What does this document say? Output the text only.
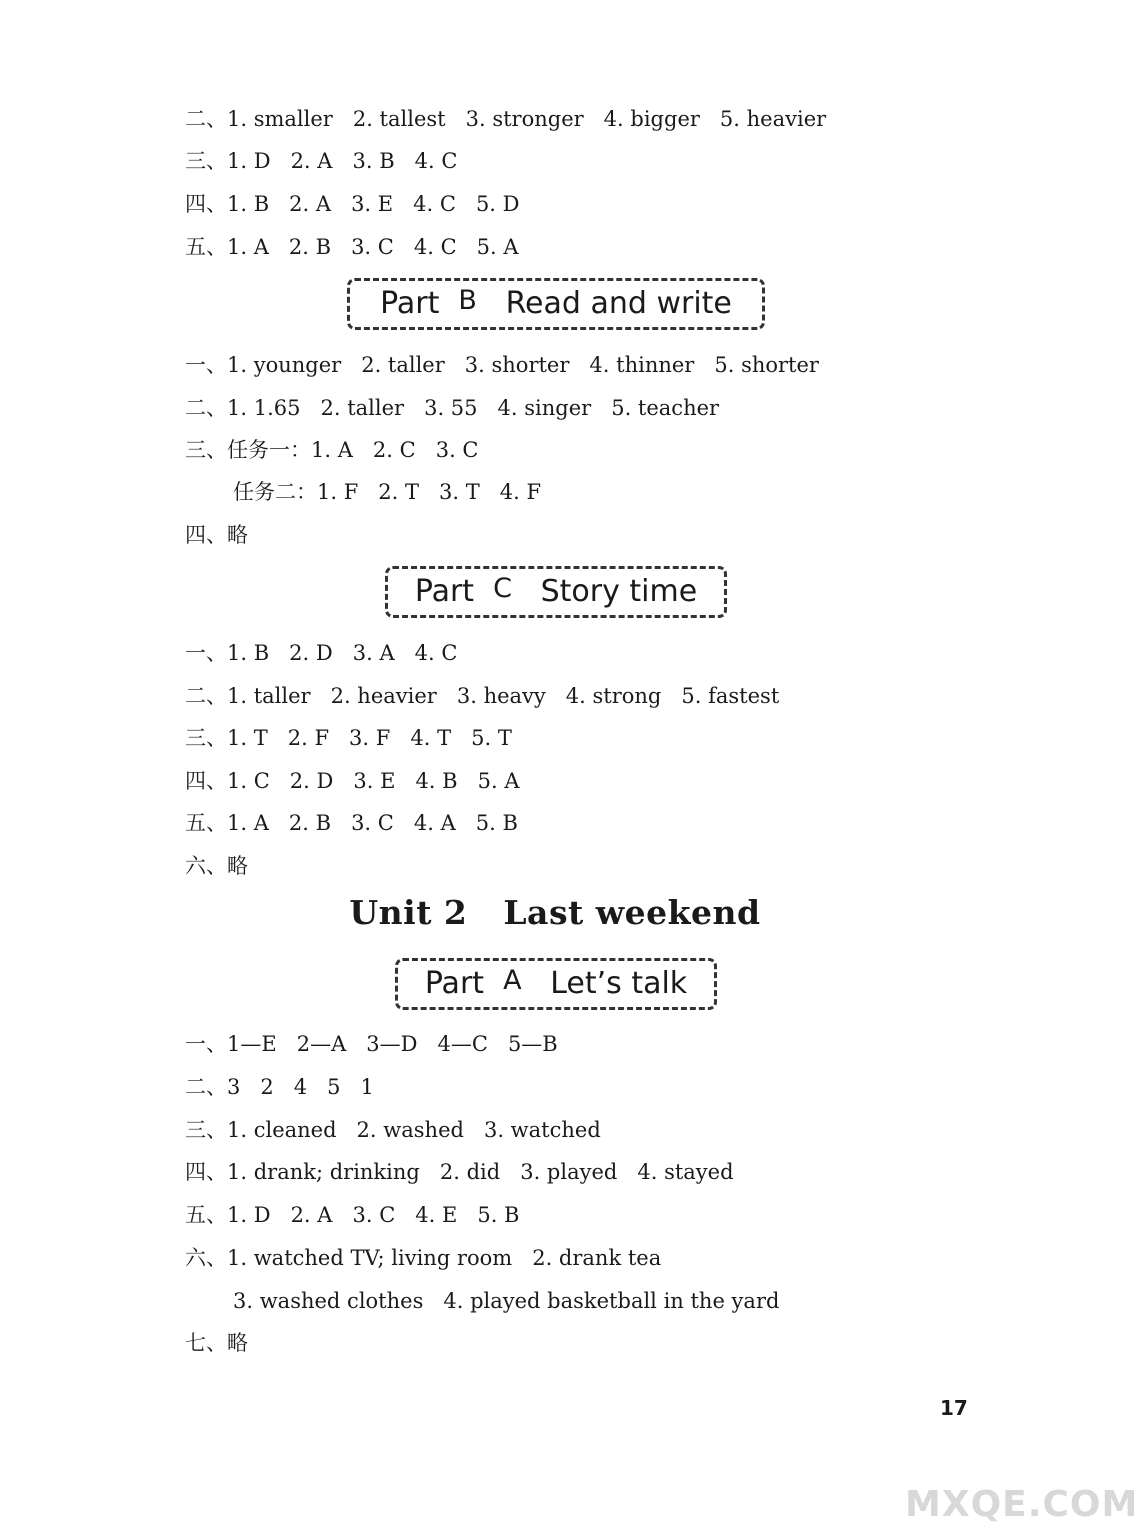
二、1. smaller   2. tallest   3. stronger   4. bigger   5. heavier
三、1. D   2. A   3. B   4. C
四、1. B   2. A   3. E   4. C   5. D
五、1. A   2. B   3. C   4. C   5. A
Part B Read and write
一、1. younger   2. taller   3. shorter   4. thinner   5. shorter
二、1. 1.65   2. taller   3. 55   4. singer   5. teacher
三、任务一：1. A   2. C   3. C
任务二：1. F   2. T   3. T   4. F
四、略
Part C Story time
一、1. B   2. D   3. A   4. C
二、1. taller   2. heavier   3. heavy   4. strong   5. fastest
三、1. T   2. F   3. F   4. T   5. T
四、1. C   2. D   3. E   4. B   5. A
五、1. A   2. B   3. C   4. A   5. B
六、略
Unit 2   Last weekend
Part A Let’s talk
一、1—E   2—A   3—D   4—C   5—B
二、3   2   4   5   1
三、1. cleaned   2. washed   3. watched
四、1. drank; drinking   2. did   3. played   4. stayed
五、1. D   2. A   3. C   4. E   5. B
六、1. watched TV; living room   2. drank tea
3. washed clothes   4. played basketball in the yard
七、略
17
MXQE.COM
